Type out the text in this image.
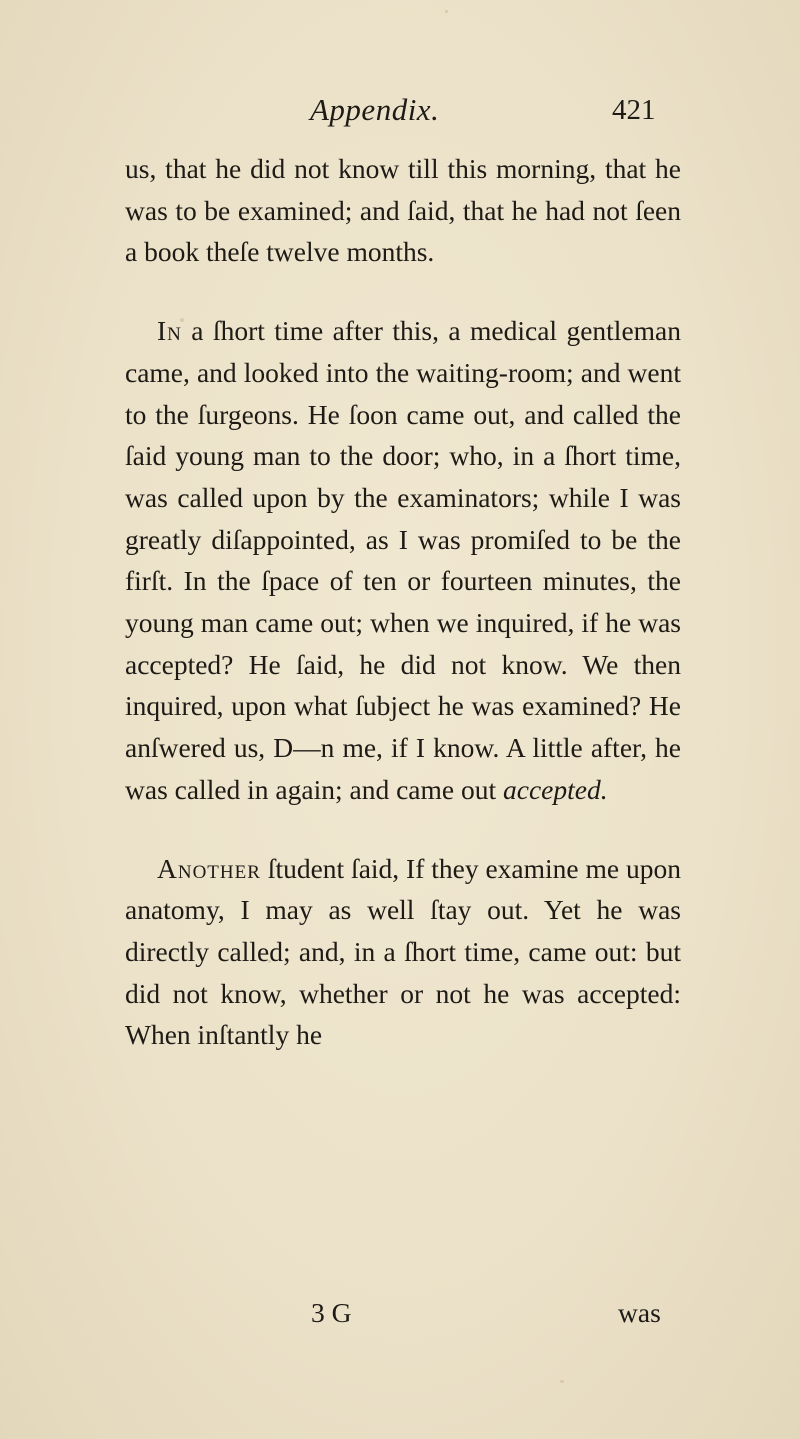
Appendix.	421

us, that he did not know till this morning, that he was to be examined; and ſaid, that he had not ſeen a book theſe twelve months.

In a ſhort time after this, a medical gentleman came, and looked into the waiting-room; and went to the ſurgeons. He ſoon came out, and called the ſaid young man to the door; who, in a ſhort time, was called upon by the examinators; while I was greatly diſappointed, as I was promiſed to be the firſt. In the ſpace of ten or fourteen minutes, the young man came out; when we inquired, if he was accepted? He ſaid, he did not know. We then inquired, upon what ſubject he was examined? He anſwered us, D—n me, if I know. A little after, he was called in again; and came out accepted.

Another ſtudent ſaid, If they examine me upon anatomy, I may as well ſtay out. Yet he was directly called; and, in a ſhort time, came out: but did not know, whether or not he was accepted: When inſtantly he

3 G	was
